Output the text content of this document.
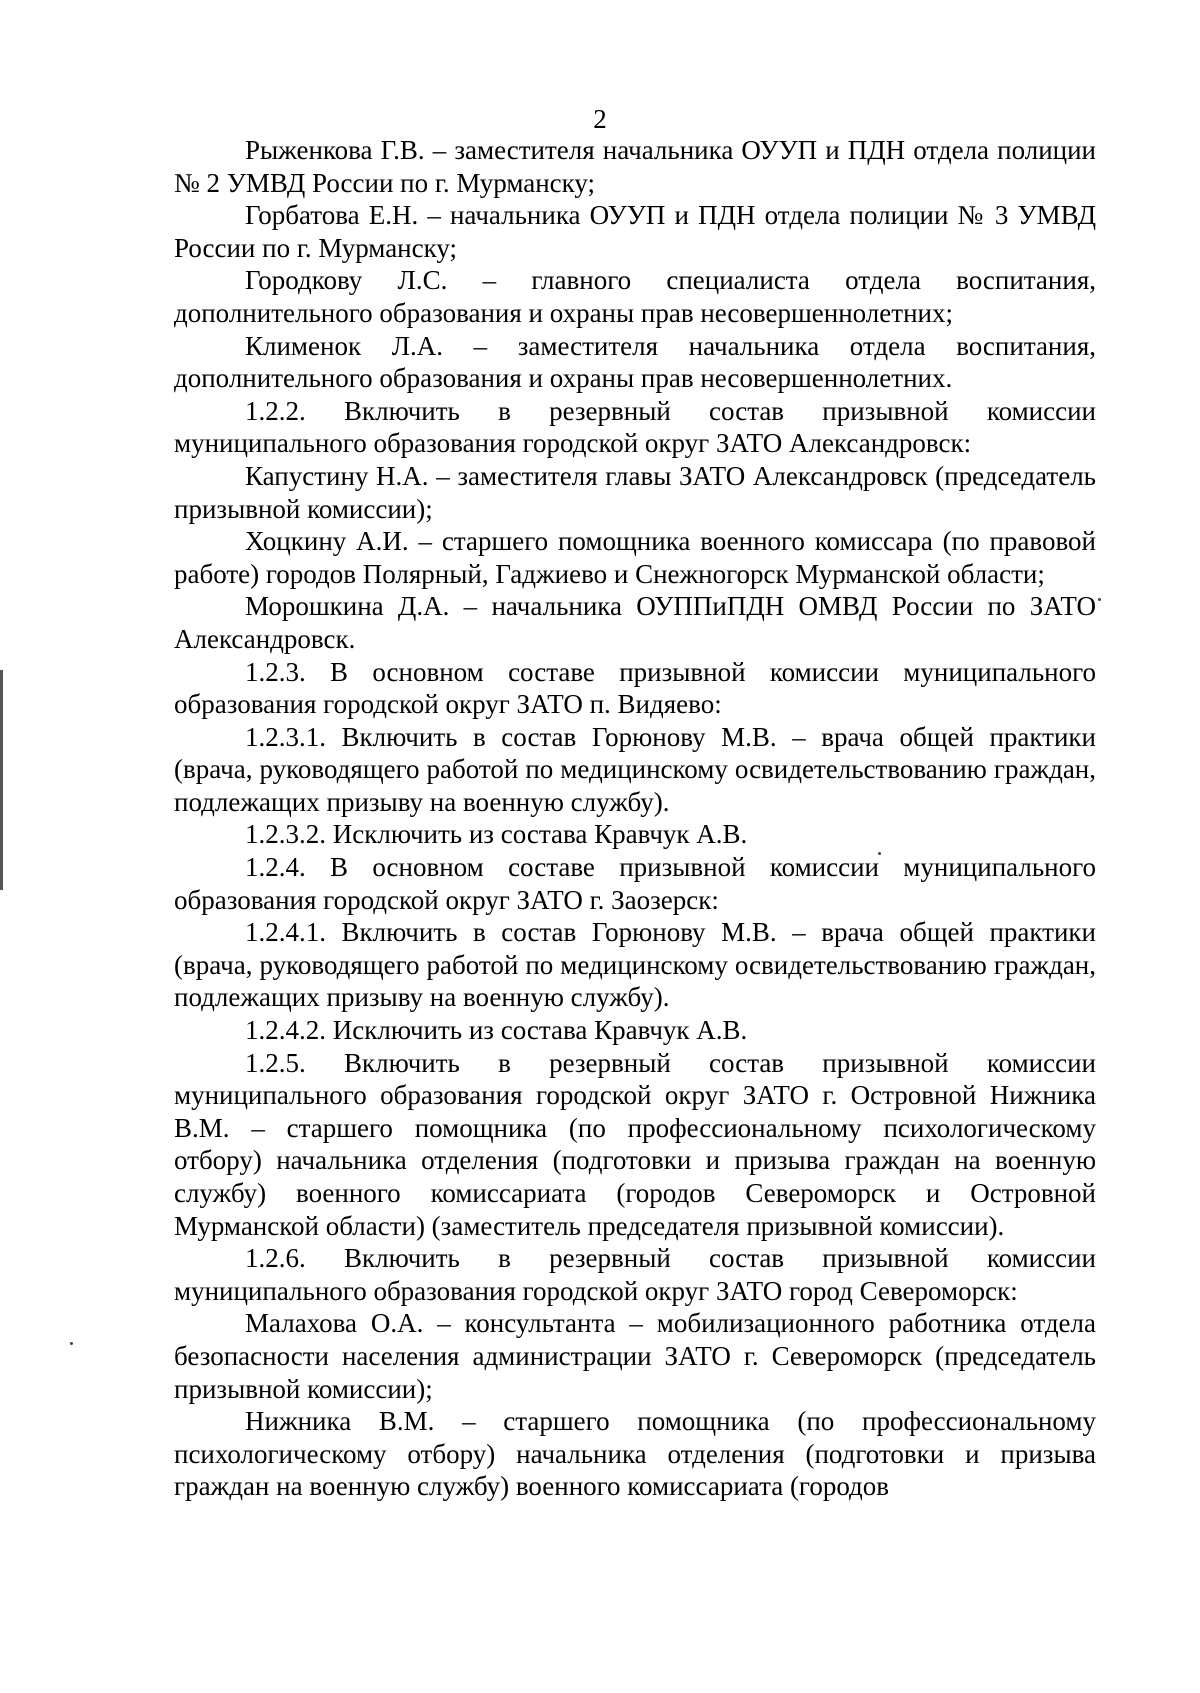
2

Рыженкова Г.В. – заместителя начальника ОУУП и ПДН отдела полиции № 2 УМВД России по г. Мурманску;

Горбатова Е.Н. – начальника ОУУП и ПДН отдела полиции № 3 УМВД России по г. Мурманску;

Городкову Л.С. – главного специалиста отдела воспитания, дополнительного образования и охраны прав несовершеннолетних;

Клименок Л.А. – заместителя начальника отдела воспитания, дополнительного образования и охраны прав несовершеннолетних.

1.2.2. Включить в резервный состав призывной комиссии муниципального образования городской округ ЗАТО Александровск:

Капустину Н.А. – заместителя главы ЗАТО Александровск (председатель призывной комиссии);

Хоцкину А.И. – старшего помощника военного комиссара (по правовой работе) городов Полярный, Гаджиево и Снежногорск Мурманской области;

Морошкина Д.А. – начальника ОУППиПДН ОМВД России по ЗАТО Александровск.

1.2.3. В основном составе призывной комиссии муниципального образования городской округ ЗАТО п. Видяево:

1.2.3.1. Включить в состав Горюнову М.В. – врача общей практики (врача, руководящего работой по медицинскому освидетельствованию граждан, подлежащих призыву на военную службу).

1.2.3.2. Исключить из состава Кравчук А.В.

1.2.4. В основном составе призывной комиссии муниципального образования городской округ ЗАТО г. Заозерск:

1.2.4.1. Включить в состав Горюнову М.В. – врача общей практики (врача, руководящего работой по медицинскому освидетельствованию граждан, подлежащих призыву на военную службу).

1.2.4.2. Исключить из состава Кравчук А.В.

1.2.5. Включить в резервный состав призывной комиссии муниципального образования городской округ ЗАТО г. Островной Нижника В.М. – старшего помощника (по профессиональному психологическому отбору) начальника отделения (подготовки и призыва граждан на военную службу) военного комиссариата (городов Североморск и Островной Мурманской области) (заместитель председателя призывной комиссии).

1.2.6. Включить в резервный состав призывной комиссии муниципального образования городской округ ЗАТО город Североморск:

Малахова О.А. – консультанта – мобилизационного работника отдела безопасности населения администрации ЗАТО г. Североморск (председатель призывной комиссии);

Нижника В.М. – старшего помощника (по профессиональному психологическому отбору) начальника отделения (подготовки и призыва граждан на военную службу) военного комиссариата (городов
